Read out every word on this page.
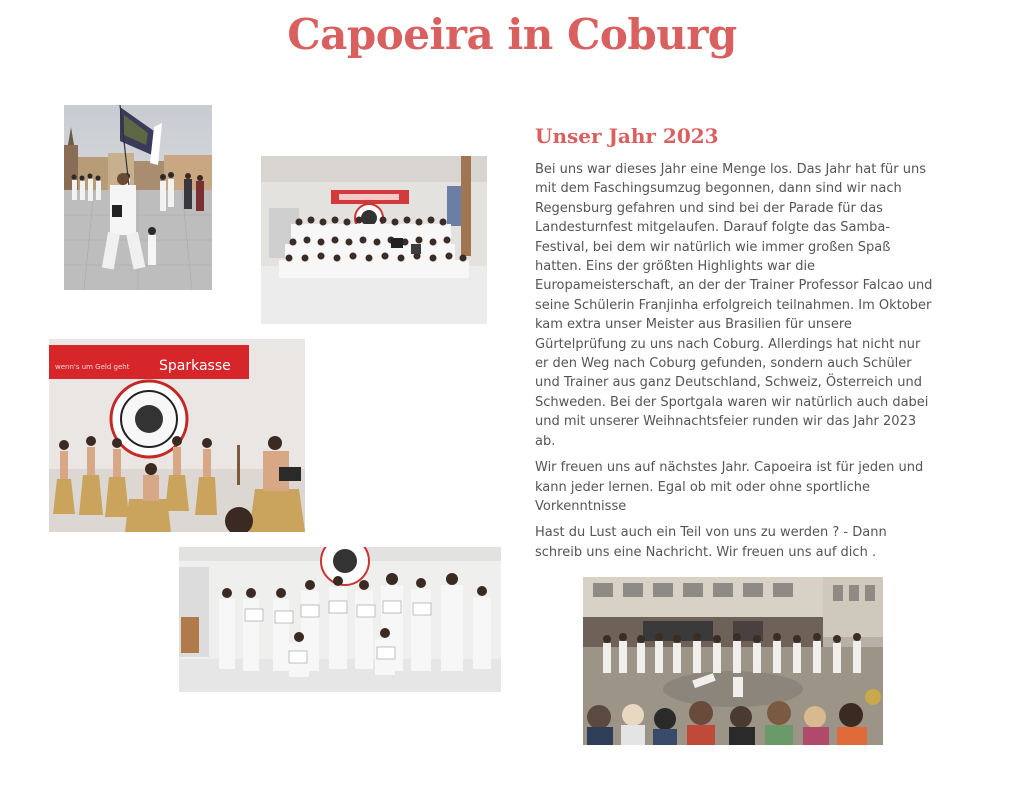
Capoeira in Coburg
wenn's um Geld geht Sparkasse
Unser Jahr 2023

Bei uns war dieses Jahr eine Menge los. Das Jahr hat für uns mit dem Faschingsumzug begonnen, dann sind wir nach Regensburg gefahren und sind bei der Parade für das Landesturnfest mitgelaufen. Darauf folgte das Samba-Festival, bei dem wir natürlich wie immer großen Spaß hatten. Eins der größten Highlights war die Europameisterschaft, an der der Trainer Professor Falcao und seine Schülerin Franjinha erfolgreich teilnahmen. Im Oktober kam extra unser Meister aus Brasilien für unsere Gürtelprüfung zu uns nach Coburg. Allerdings hat nicht nur er den Weg nach Coburg gefunden, sondern auch Schüler und Trainer aus ganz Deutschland, Schweiz, Österreich und Schweden. Bei der Sportgala waren wir natürlich auch dabei und mit unserer Weihnachtsfeier runden wir das Jahr 2023 ab.

Wir freuen uns auf nächstes Jahr. Capoeira ist für jeden und kann jeder lernen. Egal ob mit oder ohne sportliche Vorkenntnisse

Hast du Lust auch ein Teil von uns zu werden ? - Dann schreib uns eine Nachricht. Wir freuen uns auf dich .
